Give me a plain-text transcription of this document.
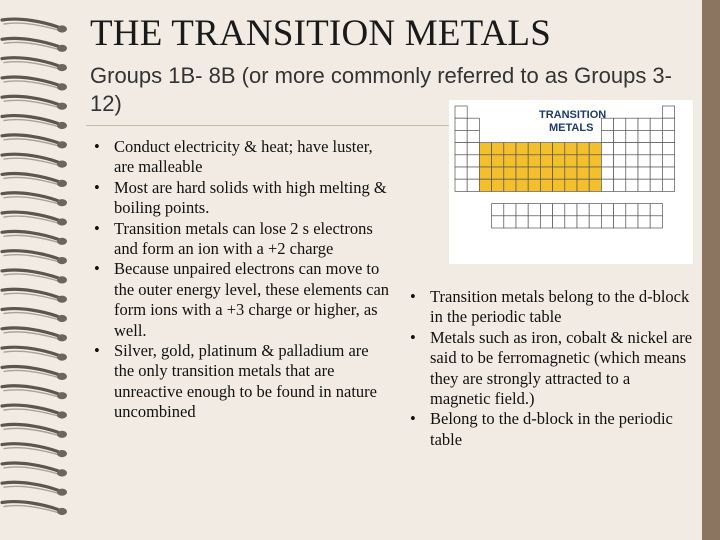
THE TRANSITION METALS

Groups 1B- 8B (or more commonly referred to as Groups 3-12)	TRANSITION
METALS
• Conduct electricity & heat; have luster, are malleable
• Most are hard solids with high melting & boiling points.
• Transition metals can lose 2 s electrons and form an ion with a +2 charge
• Because unpaired electrons can move to the outer energy level, these elements can form ions with a +3 charge or higher, as well.
• Silver, gold, platinum & palladium are the only transition metals that are unreactive enough to be found in nature uncombined
• Transition metals belong to the d-block in the periodic table
• Metals such as iron, cobalt & nickel are said to be ferromagnetic (which means they are strongly attracted to a magnetic field.)
• Belong to the d-block in the periodic table
